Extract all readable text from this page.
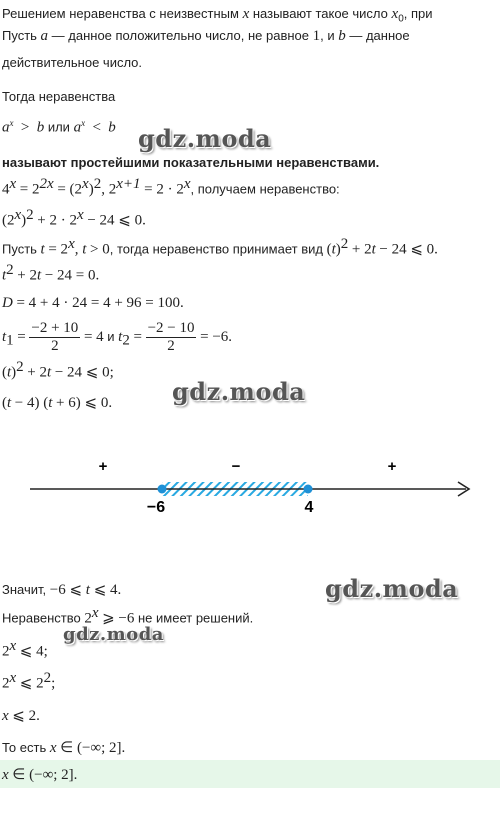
Решением неравенства с неизвестным x называют такое число $x_0$, при
Пусть a — данное положительно число, не равное 1, и b — данное
действительное число.
Тогда неравенства
$a^x > b$ или $a^x < b$
называют простейшими показательными неравенствами.
$4^x = 2^{2x} = (2^x)^2$, $2^{x+1} = 2 \cdot 2^x$, получаем неравенство:
$(2^x)^2 + 2 \cdot 2^x - 24$ ⩽ 0.
Пусть $t = 2^x$, t > 0, тогда неравенство принимает вид $(t)^2 + 2t - 24$ ⩽ 0.
$t^2 + 2t - 24 = 0$.
D = 4 + 4 · 24 = 4 + 96 = 100.
$t_1 = \frac{-2 + 10}{2} = 4$ и $t_2 = \frac{-2 - 10}{2} = -6$.
$(t)^2 + 2t - 24$ ⩽ 0;
(t − 4) (t + 6) ⩽ 0.
+	−	+
−6	4
Значит, −6 ⩽ t ⩽ 4.
Неравенство 2$^x$ ⩾ −6 не имеет решений.
2$^x$ ⩽ 4;
2$^x$ ⩽ $2^2$;
x ⩽ 2.
То есть x ∈ (−∞; 2].
x ∈ (−∞; 2].
gdz.moda
gdz.moda
gdz.moda
gdz.moda
